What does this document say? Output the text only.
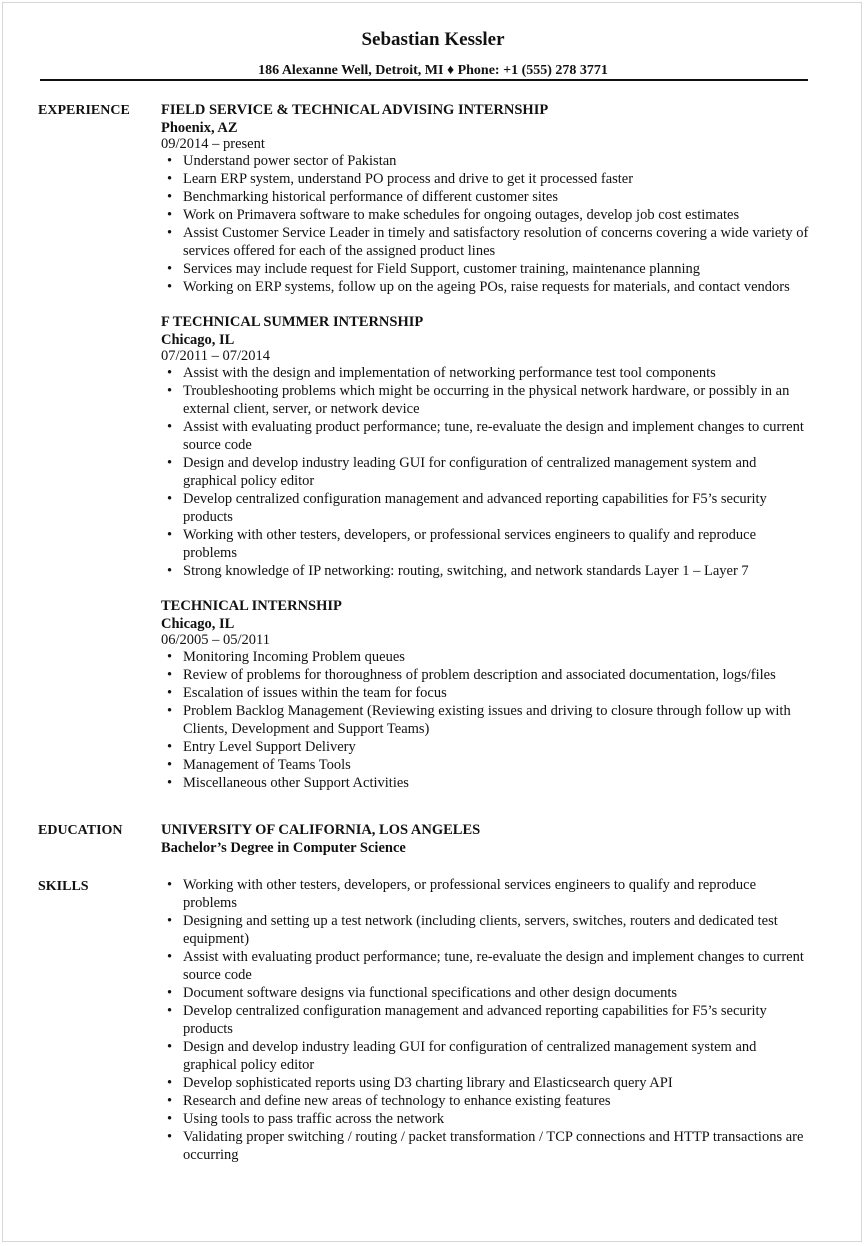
Sebastian Kessler
186 Alexanne Well, Detroit, MI ♦ Phone: +1 (555) 278 3771
EXPERIENCE FIELD SERVICE & TECHNICAL ADVISING INTERNSHIP
Phoenix, AZ
09/2014 – present
• Understand power sector of Pakistan
• Learn ERP system, understand PO process and drive to get it processed faster
• Benchmarking historical performance of different customer sites
• Work on Primavera software to make schedules for ongoing outages, develop job cost estimates
• Assist Customer Service Leader in timely and satisfactory resolution of concerns covering a wide variety of services offered for each of the assigned product lines
• Services may include request for Field Support, customer training, maintenance planning
• Working on ERP systems, follow up on the ageing POs, raise requests for materials, and contact vendors
F TECHNICAL SUMMER INTERNSHIP
Chicago, IL
07/2011 – 07/2014
• Assist with the design and implementation of networking performance test tool components
• Troubleshooting problems which might be occurring in the physical network hardware, or possibly in an external client, server, or network device
• Assist with evaluating product performance; tune, re-evaluate the design and implement changes to current source code
• Design and develop industry leading GUI for configuration of centralized management system and graphical policy editor
• Develop centralized configuration management and advanced reporting capabilities for F5’s security products
• Working with other testers, developers, or professional services engineers to qualify and reproduce problems
• Strong knowledge of IP networking: routing, switching, and network standards Layer 1 – Layer 7
TECHNICAL INTERNSHIP
Chicago, IL
06/2005 – 05/2011
• Monitoring Incoming Problem queues
• Review of problems for thoroughness of problem description and associated documentation, logs/files
• Escalation of issues within the team for focus
• Problem Backlog Management (Reviewing existing issues and driving to closure through follow up with Clients, Development and Support Teams)
• Entry Level Support Delivery
• Management of Teams Tools
• Miscellaneous other Support Activities
EDUCATION	UNIVERSITY OF CALIFORNIA, LOS ANGELES
Bachelor’s Degree in Computer Science
SKILLS
•	Working with other testers, developers, or professional services engineers to qualify and reproduce problems
• Designing and setting up a test network (including clients, servers, switches, routers and dedicated test equipment)
• Assist with evaluating product performance; tune, re-evaluate the design and implement changes to current source code
• Document software designs via functional specifications and other design documents
• Develop centralized configuration management and advanced reporting capabilities for F5’s security products
• Design and develop industry leading GUI for configuration of centralized management system and graphical policy editor
• Develop sophisticated reports using D3 charting library and Elasticsearch query API
• Research and define new areas of technology to enhance existing features
• Using tools to pass traffic across the network
• Validating proper switching / routing / packet transformation / TCP connections and HTTP transactions are occurring
